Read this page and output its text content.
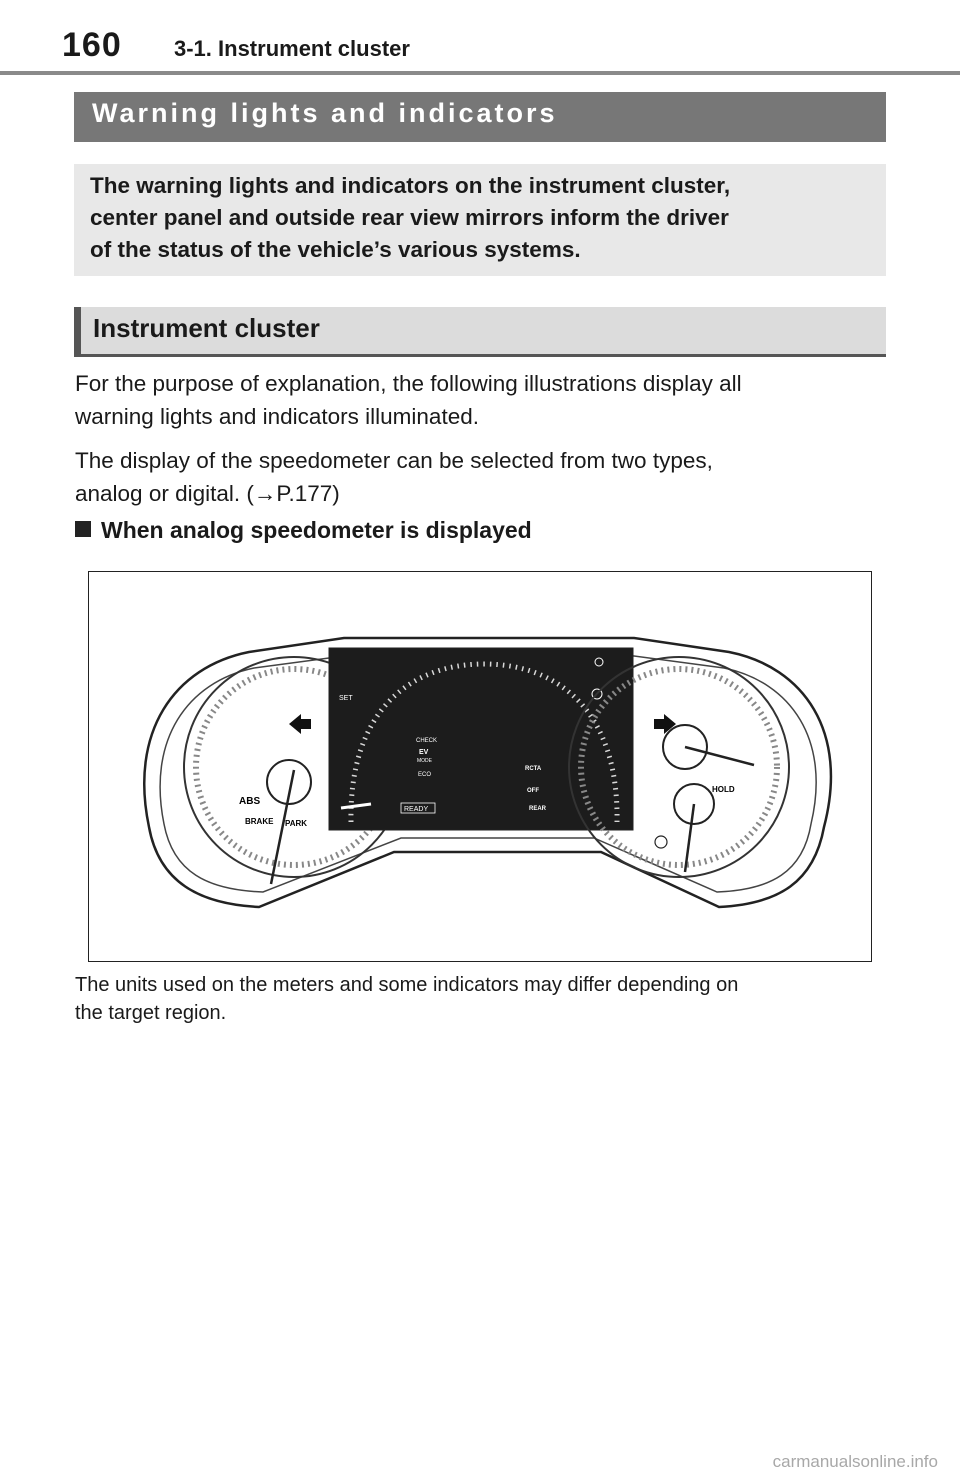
160 3-1. Instrument cluster
Warning lights and indicators
The warning lights and indicators on the instrument cluster,
center panel and outside rear view mirrors inform the driver
of the status of the vehicle’s various systems.
Instrument cluster
For the purpose of explanation, the following illustrations display all
warning lights and indicators illuminated.
The display of the speedometer can be selected from two types,
analog or digital. (→P.177)
When analog speedometer is displayed
ABS
BRAKE PARK
SET
CHECK
EV
MODE
ECO
READY
RCTA
OFF
REAR
HOLD
The units used on the meters and some indicators may differ depending on
the target region.
carmanualsonline.info
